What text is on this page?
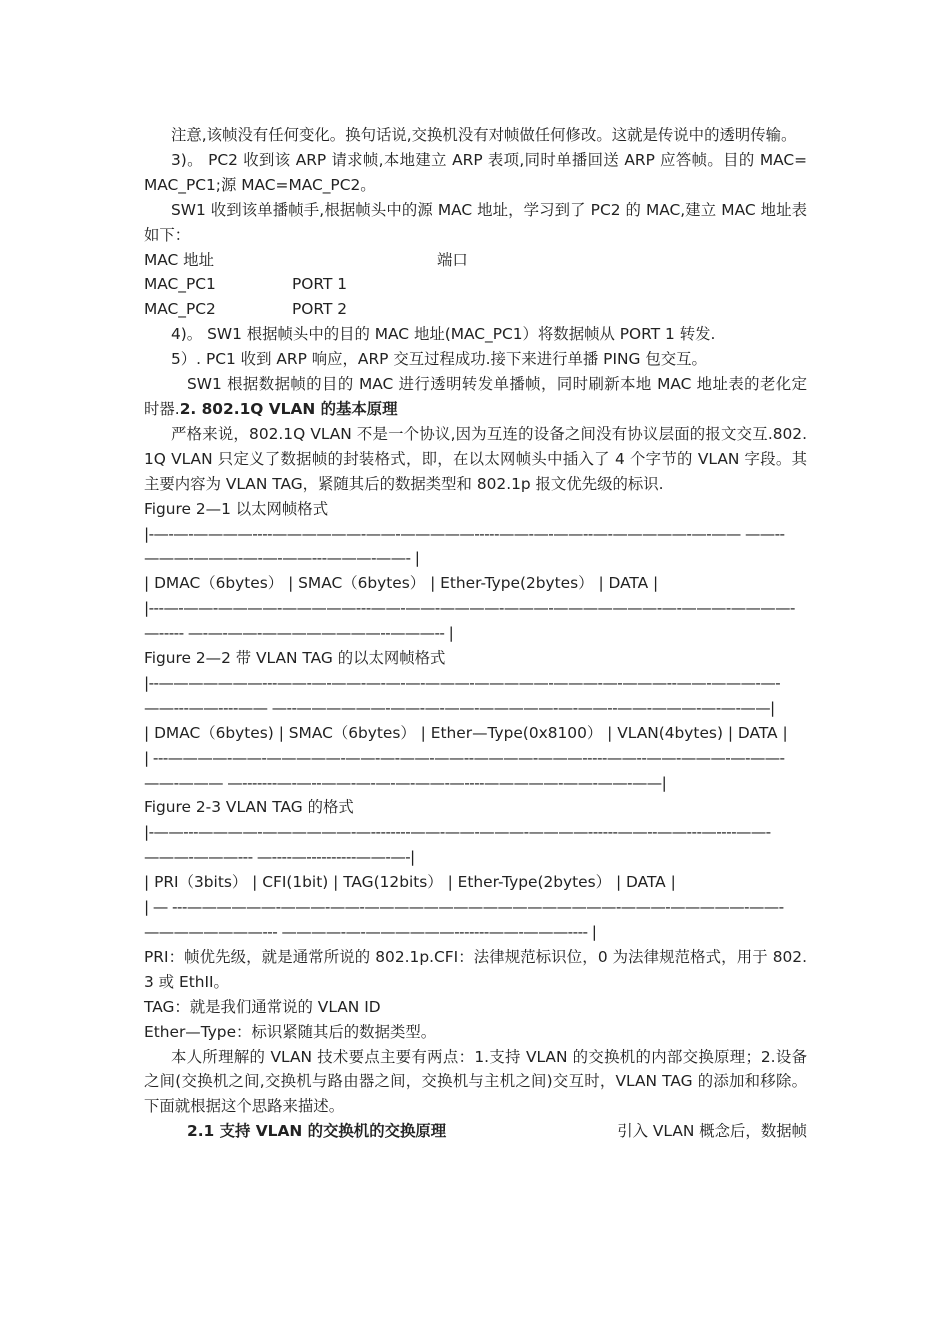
注意,该帧没有任何变化。换句话说,交换机没有对帧做任何修改。这就是传说中的透明传输。

3)。 PC2 收到该 ARP 请求帧,本地建立 ARP 表项,同时单播回送 ARP 应答帧。目的 MAC=MAC_PC1;源 MAC=MAC_PC2。

SW1 收到该单播帧手,根据帧头中的源 MAC 地址，学习到了 PC2 的 MAC,建立 MAC 地址表如下：

MAC 地址	端口
MAC_PC1	PORT 1
MAC_PC2	PORT 2

4)。 SW1 根据帧头中的目的 MAC 地址(MAC_PC1）将数据帧从 PORT 1 转发.

5）. PC1 收到 ARP 响应，ARP 交互过程成功.接下来进行单播 PING 包交互。

SW1 根据数据帧的目的 MAC 进行透明转发单播帧，同时刷新本地 MAC 地址表的老化定时器.2. 802.1Q VLAN 的基本原理

严格来说，802.1Q VLAN 不是一个协议,因为互连的设备之间没有协议层面的报文交互.802.1Q VLAN 只定义了数据帧的封装格式，即，在以太网帧头中插入了 4 个字节的 VLAN 字段。其主要内容为 VLAN TAG，紧随其后的数据类型和 802.1p 报文优先级的标识.

Figure 2—1 以太网帧格式

|-—-—-————----——————-——-—————-----——-—-——--—-—————-—-—— ——--———-———-—-—-——---———-——- |

| DMAC（6bytes） | SMAC（6bytes） | Ether-Type(2bytes） | DATA |

|---—-——-————-—————---——-——-————-———-———————-—-———-————-—----- —-—-——-————————--———-- |

Figure 2—2 带 VLAN TAG 的以太网帧格式

|--———————---——-—-——-—-—-—-———-—————-———-—-———--——-———-—-——---——----—— —--——————-——-—-——-—————-—-——--——-———-—-—-——|

| DMAC（6bytes) | SMAC（6bytes） | Ether—Type(0x8100） | VLAN(4bytes) | DATA |

| ---————-——-—————-——-—-——-——--————-———-----——--——-———-—-——-——-——— —-------—-—--——-—-—-—-——-—----—————-——-——-——|

Figure 2-3 VLAN TAG 的格式

|-——---————-——————-—--------——-——-———-————------——--——---—----——-———-———--- —----—----------——-—-|

| PRI（3bits） | CFI(1bit) | TAG(12bits） | Ether-Type(2bytes） | DATA |

| — ---——————-———-——-—————————————————-———-—————-——-————————--- ————-—-——————-------——-———---- |

PRI：帧优先级，就是通常所说的 802.1p.CFI：法律规范标识位，0 为法律规范格式，用于 802.3 或 EthII。

TAG：就是我们通常说的 VLAN ID

Ether—Type：标识紧随其后的数据类型。

本人所理解的 VLAN 技术要点主要有两点：1.支持 VLAN 的交换机的内部交换原理；2.设备之间(交换机之间,交换机与路由器之间，交换机与主机之间)交互时，VLAN TAG 的添加和移除。下面就根据这个思路来描述。

2.1 支持 VLAN 的交换机的交换原理	引入 VLAN 概念后，数据帧
